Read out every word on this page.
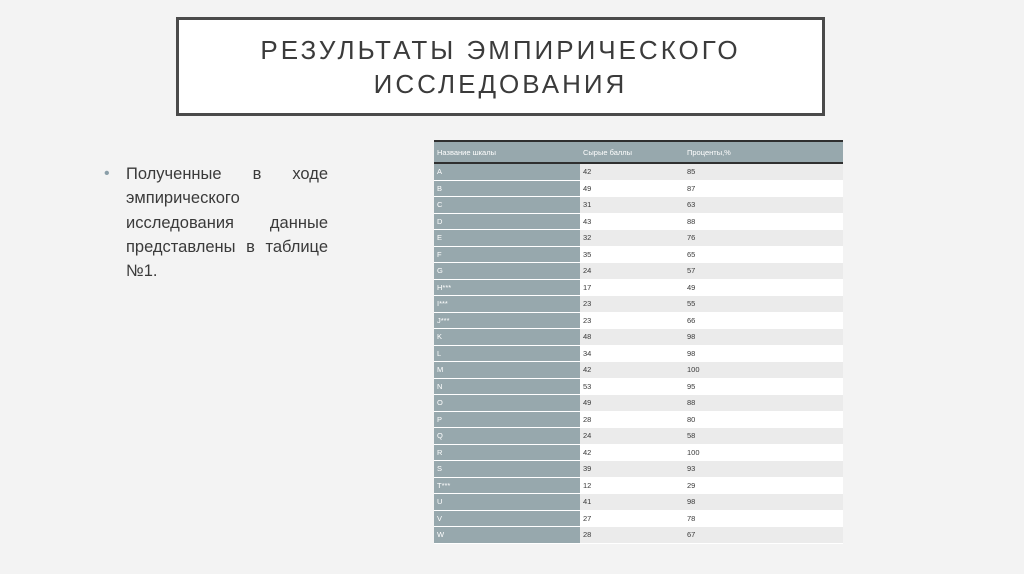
РЕЗУЛЬТАТЫ ЭМПИРИЧЕСКОГО
ИССЛЕДОВАНИЯ
• Полученные в ходе эмпирического исследования данные представлены в таблице №1.
Название шкалы	Сырые баллы	Проценты,%
A	42	85
B	49	87
C	31	63
D	43	88
E	32	76
F	35	65
G	24	57
H***	17	49
I***	23	55
J***	23	66
K	48	98
L	34	98
M	42	100
N	53	95
O	49	88
P	28	80
Q	24	58
R	42	100
S	39	93
T***	12	29
U	41	98
V	27	78
W	28	67
